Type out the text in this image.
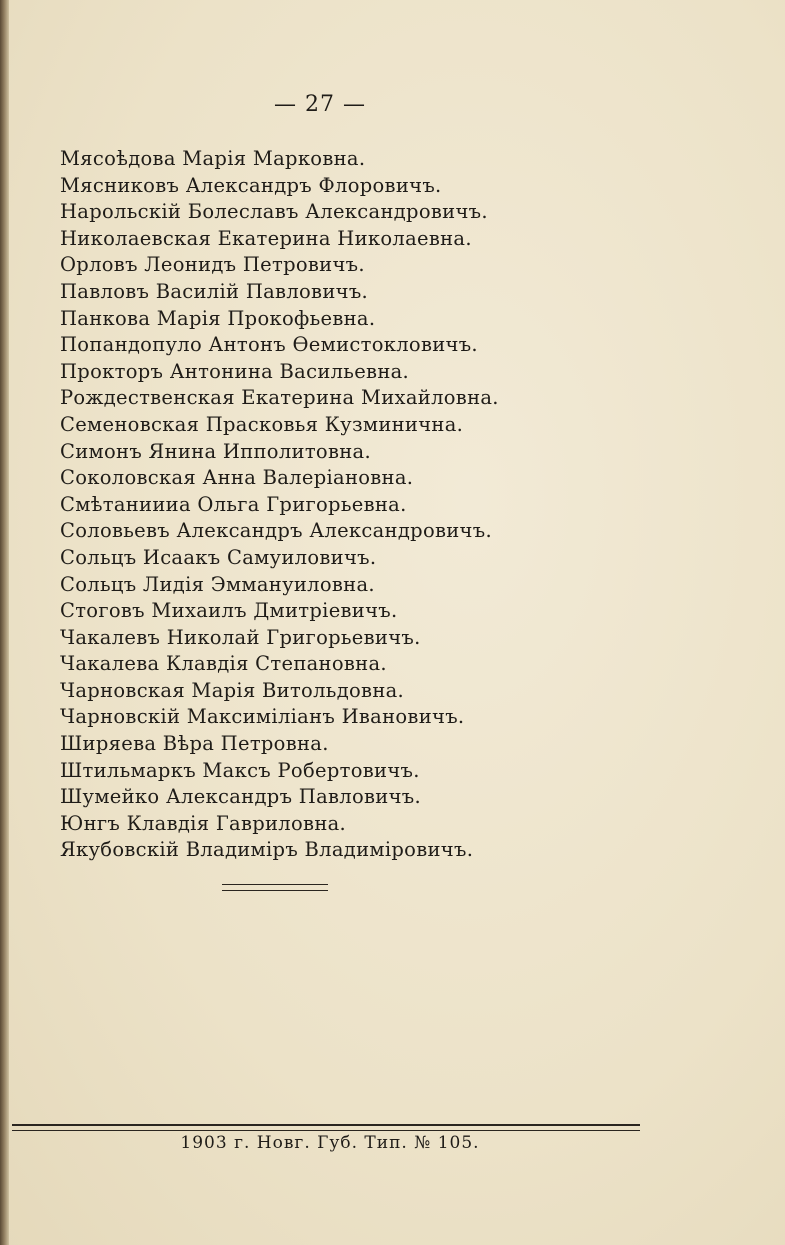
— 27 —
Мясоѣдова Марія Марковна.
Мясниковъ Александръ Флоровичъ.
Нарольскій Болеславъ Александровичъ.
Николаевская Екатерина Николаевна.
Орловъ Леонидъ Петровичъ.
Павловъ Василій Павловичъ.
Панкова Марія Прокофьевна.
Попандопуло Антонъ Ѳемистокловичъ.
Прокторъ Антонина Васильевна.
Рождественская Екатерина Михайловна.
Семеновская Прасковья Кузминична.
Симонъ Янина Ипполитовна.
Соколовская Анна Валеріановна.
Смѣтаниииа Ольга Григорьевна.
Соловьевъ Александръ Александровичъ.
Сольцъ Исаакъ Самуиловичъ.
Сольцъ Лидія Эммануиловна.
Стоговъ Михаилъ Дмитріевичъ.
Чакалевъ Николай Григорьевичъ.
Чакалева Клавдія Степановна.
Чарновская Марія Витольдовна.
Чарновскій Максиміліанъ Ивановичъ.
Ширяева Вѣра Петровна.
Штильмаркъ Максъ Робертовичъ.
Шумейко Александръ Павловичъ.
Юнгъ Клавдія Гавриловна.
Якубовскій Владиміръ Владиміровичъ.
1903 г. Новг. Губ. Тип. № 105.
